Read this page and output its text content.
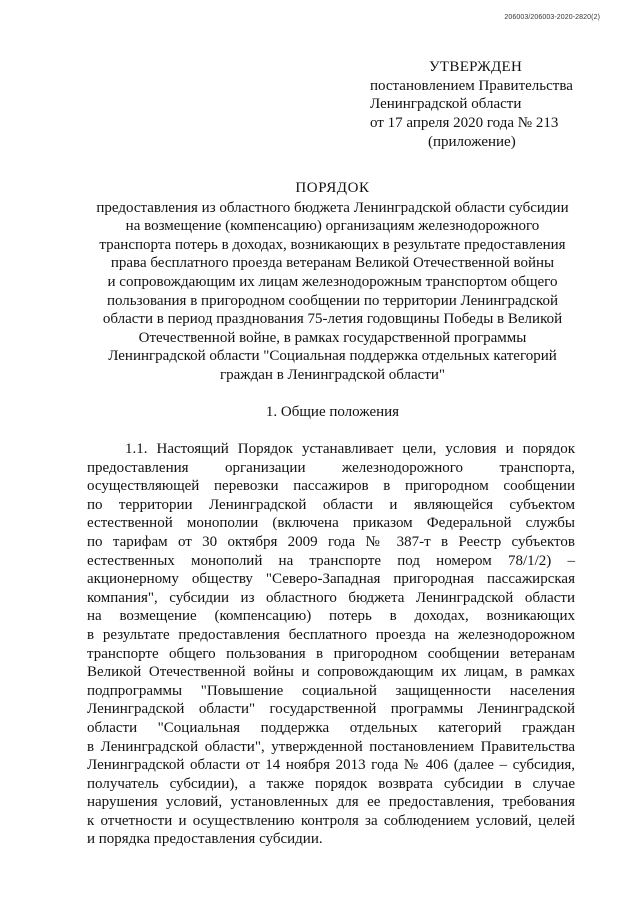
206003/206003-2020-2820(2)
УТВЕРЖДЕН
постановлением Правительства
Ленинградской области
от 17 апреля 2020 года № 213
(приложение)
ПОРЯДОК
предоставления из областного бюджета Ленинградской области субсидии
на возмещение (компенсацию) организациям железнодорожного
транспорта потерь в доходах, возникающих в результате предоставления
права бесплатного проезда ветеранам Великой Отечественной войны
и сопровождающим их лицам железнодорожным транспортом общего
пользования в пригородном сообщении по территории Ленинградской
области в период празднования 75-летия годовщины Победы в Великой
Отечественной войне, в рамках государственной программы
Ленинградской области "Социальная поддержка отдельных категорий
граждан в Ленинградской области"
1. Общие положения
1.1. Настоящий Порядок устанавливает цели, условия и порядок
предоставления организации железнодорожного транспорта,
осуществляющей перевозки пассажиров в пригородном сообщении
по территории Ленинградской области и являющейся субъектом
естественной монополии (включена приказом Федеральной службы
по тарифам от 30 октября 2009 года № 387-т в Реестр субъектов
естественных монополий на транспорте под номером 78/1/2) –
акционерному обществу "Северо-Западная пригородная пассажирская
компания", субсидии из областного бюджета Ленинградской области
на возмещение (компенсацию) потерь в доходах, возникающих
в результате предоставления бесплатного проезда на железнодорожном
транспорте общего пользования в пригородном сообщении ветеранам
Великой Отечественной войны и сопровождающим их лицам, в рамках
подпрограммы "Повышение социальной защищенности населения
Ленинградской области" государственной программы Ленинградской
области "Социальная поддержка отдельных категорий граждан
в Ленинградской области", утвержденной постановлением Правительства
Ленинградской области от 14 ноября 2013 года № 406 (далее – субсидия,
получатель субсидии), а также порядок возврата субсидии в случае
нарушения условий, установленных для ее предоставления, требования
к отчетности и осуществлению контроля за соблюдением условий, целей
и порядка предоставления субсидии.
